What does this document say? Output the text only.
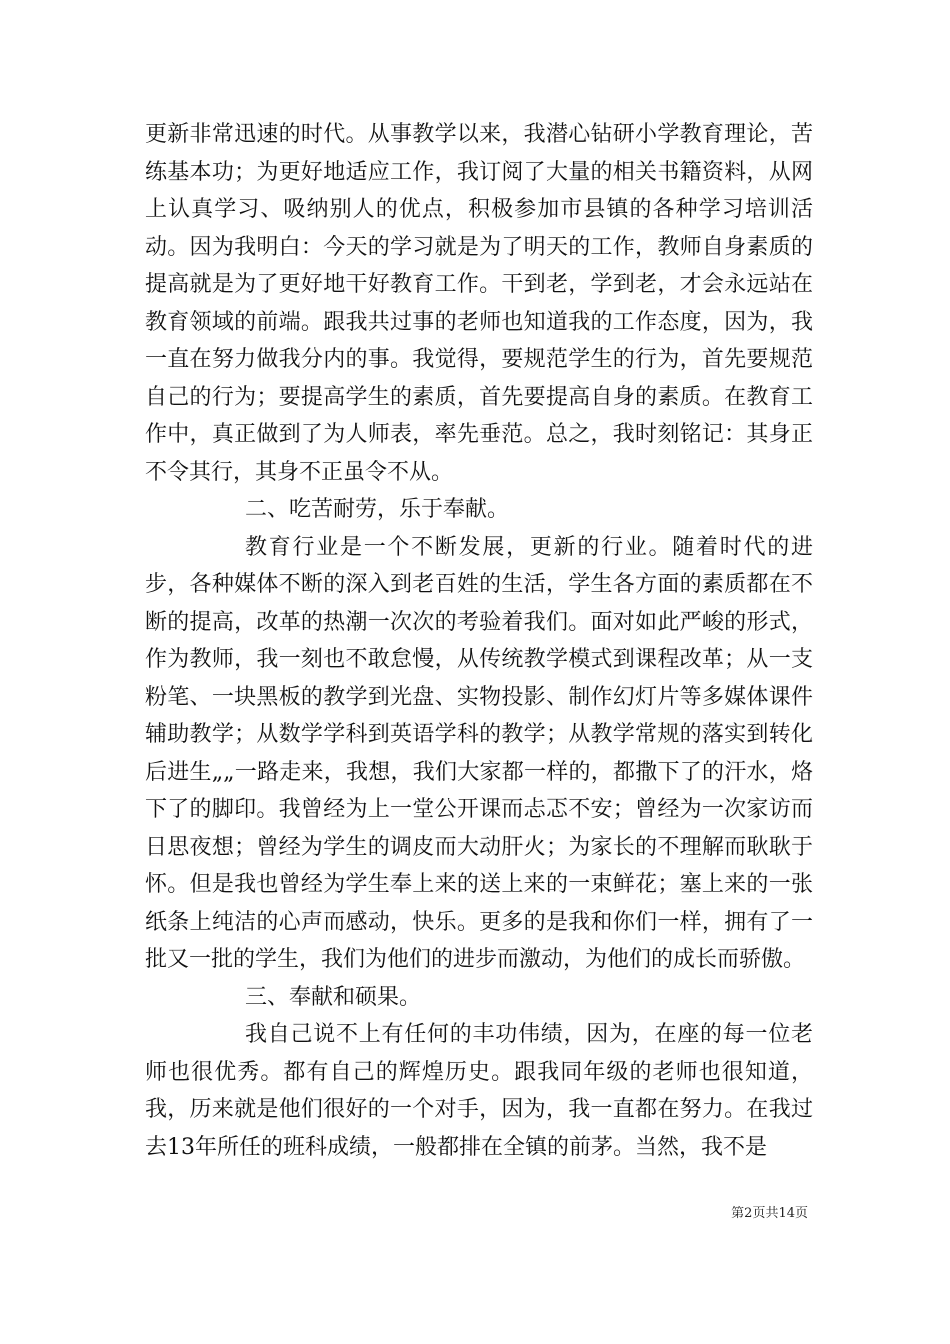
更新非常迅速的时代。从事教学以来，我潜心钻研小学教育理论，苦练基本功；为更好地适应工作，我订阅了大量的相关书籍资料，从网上认真学习、吸纳别人的优点，积极参加市县镇的各种学习培训活动。因为我明白：今天的学习就是为了明天的工作，教师自身素质的提高就是为了更好地干好教育工作。干到老，学到老，才会永远站在教育领域的前端。跟我共过事的老师也知道我的工作态度，因为，我一直在努力做我分内的事。我觉得，要规范学生的行为，首先要规范自己的行为；要提高学生的素质，首先要提高自身的素质。在教育工作中，真正做到了为人师表，率先垂范。总之，我时刻铭记：其身正不令其行，其身不正虽令不从。

二、吃苦耐劳，乐于奉献。

教育行业是一个不断发展，更新的行业。随着时代的进步，各种媒体不断的深入到老百姓的生活，学生各方面的素质都在不断的提高，改革的热潮一次次的考验着我们。面对如此严峻的形式，作为教师，我一刻也不敢怠慢，从传统教学模式到课程改革；从一支粉笔、一块黑板的教学到光盘、实物投影、制作幻灯片等多媒体课件辅助教学；从数学学科到英语学科的教学；从教学常规的落实到转化后进生„„一路走来，我想，我们大家都一样的，都撒下了的汗水，烙下了的脚印。我曾经为上一堂公开课而忐忑不安；曾经为一次家访而日思夜想；曾经为学生的调皮而大动肝火；为家长的不理解而耿耿于怀。但是我也曾经为学生奉上来的送上来的一束鲜花；塞上来的一张纸条上纯洁的心声而感动，快乐。更多的是我和你们一样，拥有了一批又一批的学生，我们为他们的进步而激动，为他们的成长而骄傲。

三、奉献和硕果。

我自己说不上有任何的丰功伟绩，因为，在座的每一位老师也很优秀。都有自己的辉煌历史。跟我同年级的老师也很知道，我，历来就是他们很好的一个对手，因为，我一直都在努力。在我过去13年所任的班科成绩，一般都排在全镇的前茅。当然，我不是

第2页共14页
